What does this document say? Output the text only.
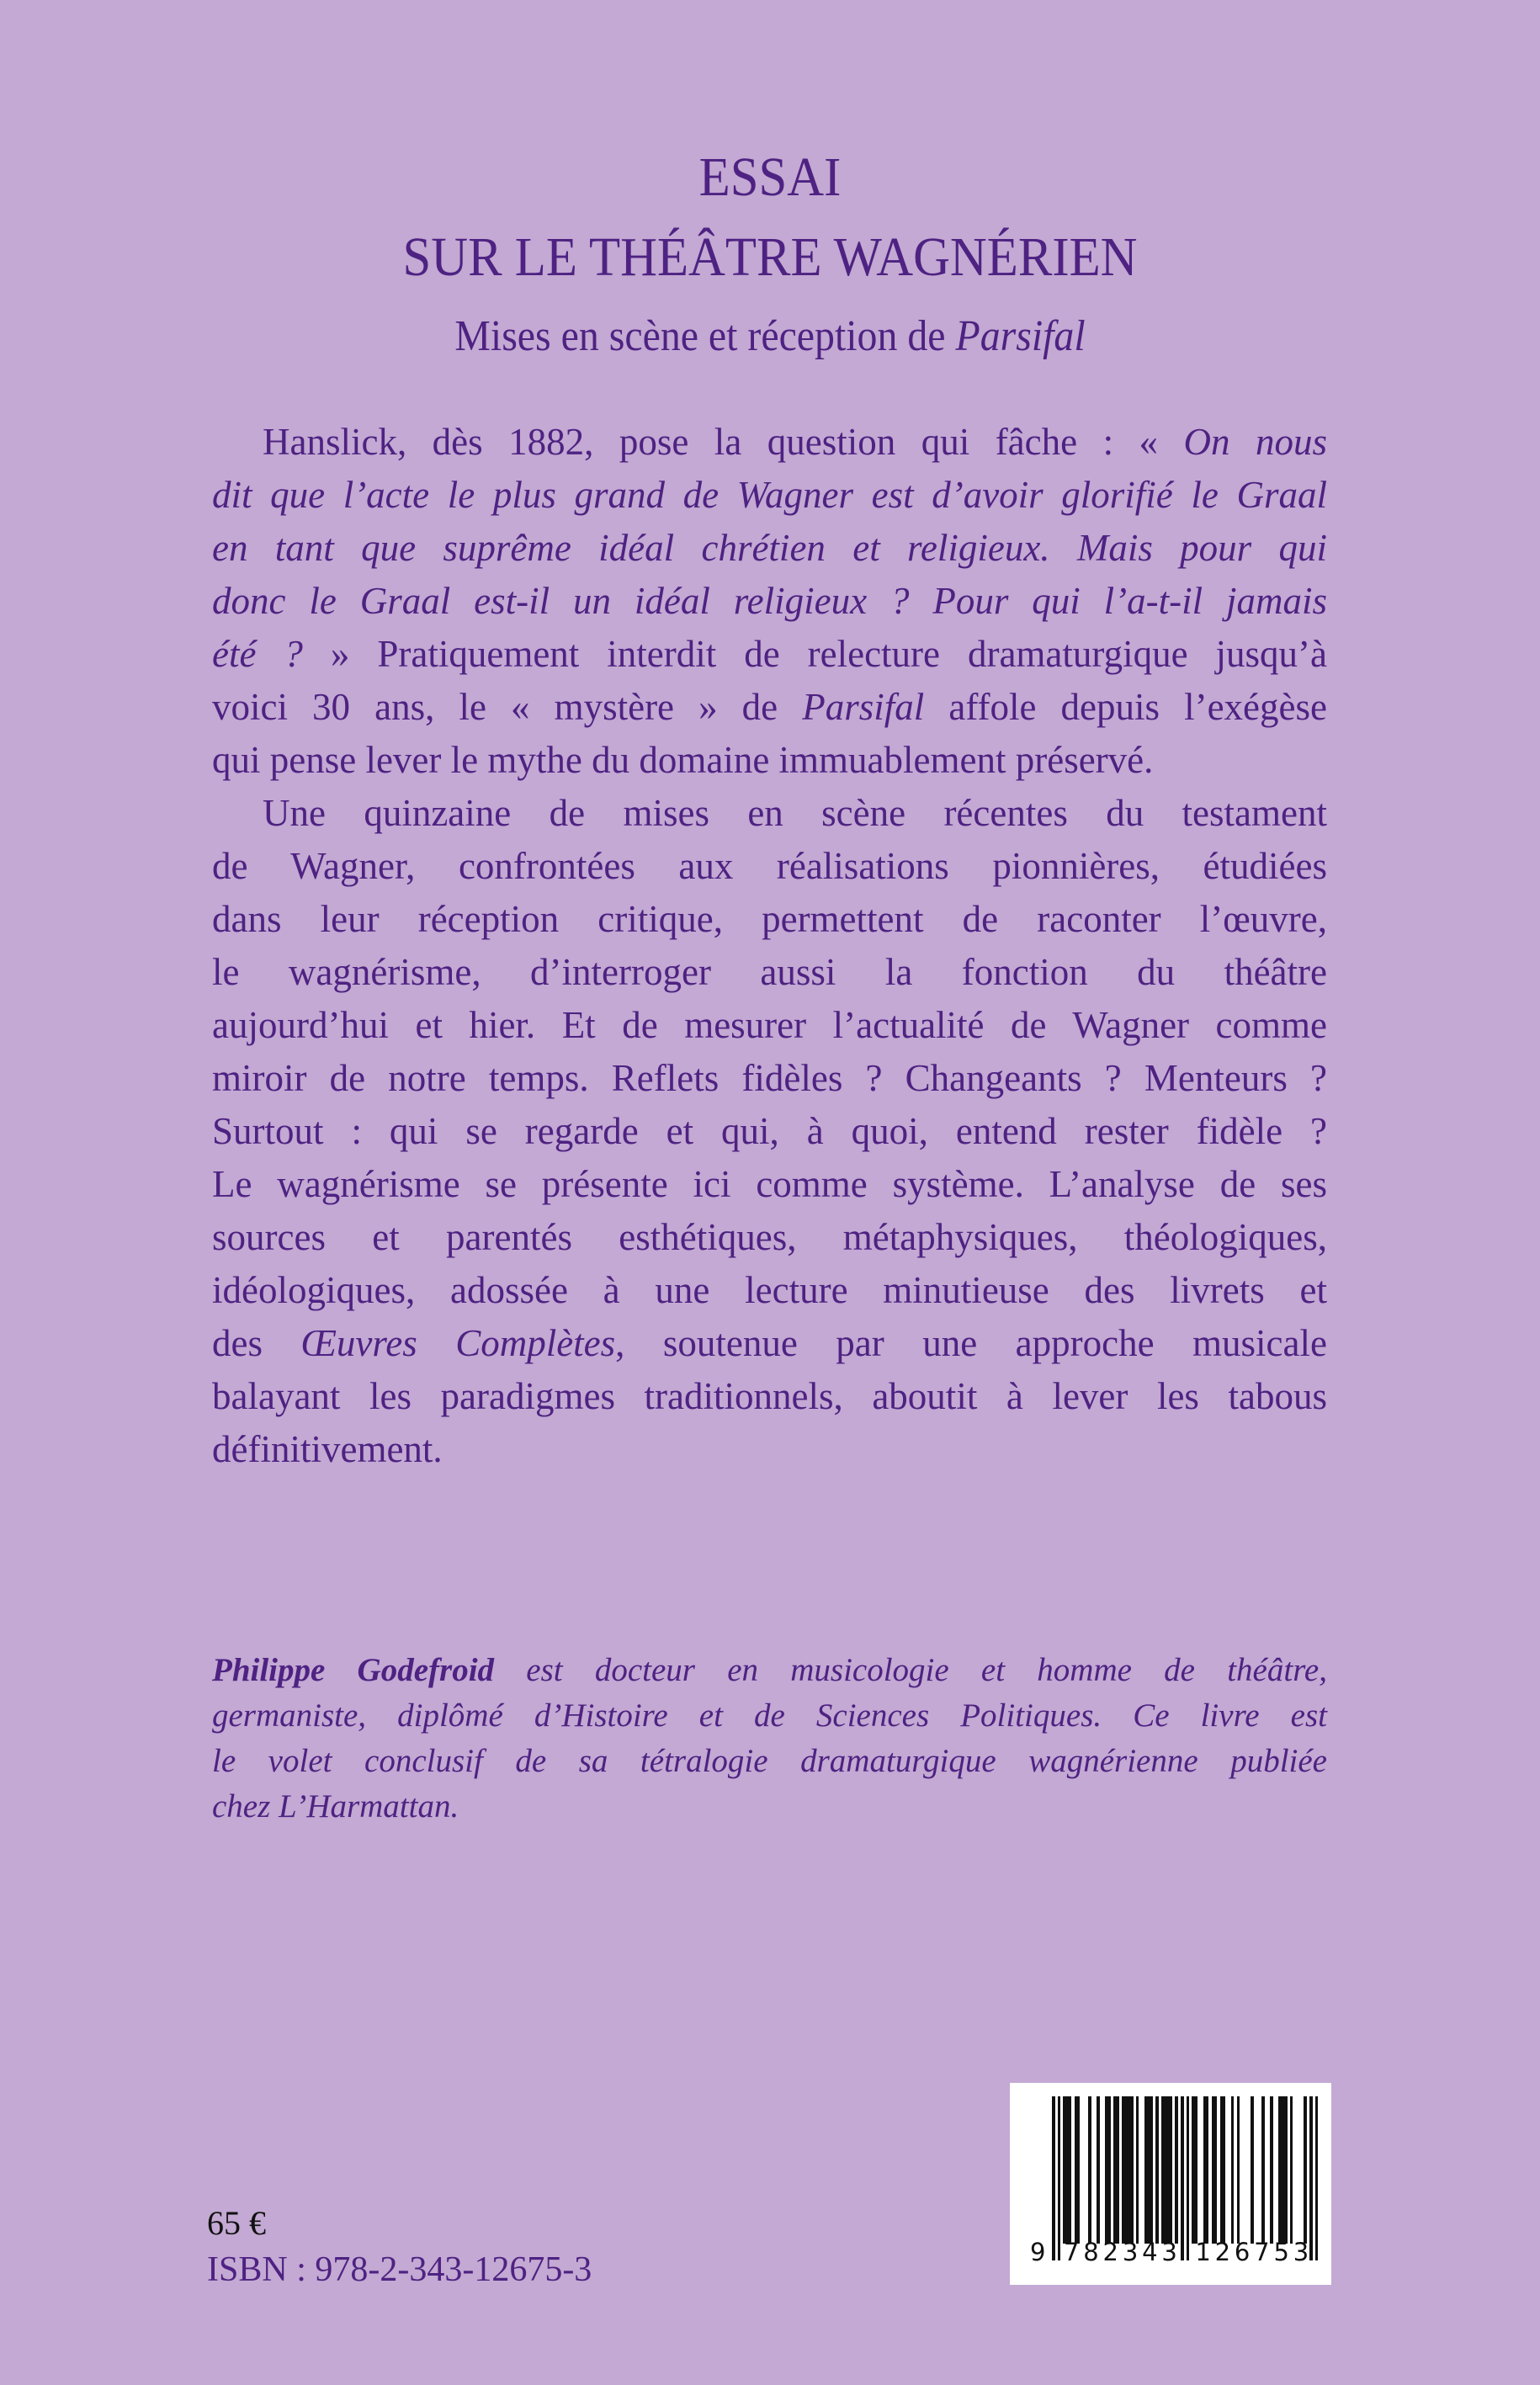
ESSAI
SUR LE THÉÂTRE WAGNÉRIEN
Mises en scène et réception de Parsifal
Hanslick, dès 1882, pose la question qui fâche : « On nous
dit que l’acte le plus grand de Wagner est d’avoir glorifié le Graal
en tant que suprême idéal chrétien et religieux. Mais pour qui
donc le Graal est-il un idéal religieux ? Pour qui l’a-t-il jamais
été ? » Pratiquement interdit de relecture dramaturgique jusqu’à
voici 30 ans, le « mystère » de Parsifal affole depuis l’exégèse
qui pense lever le mythe du domaine immuablement préservé.
Une quinzaine de mises en scène récentes du testament
de Wagner, confrontées aux réalisations pionnières, étudiées
dans leur réception critique, permettent de raconter l’œuvre,
le wagnérisme, d’interroger aussi la fonction du théâtre
aujourd’hui et hier. Et de mesurer l’actualité de Wagner comme
miroir de notre temps. Reflets fidèles ? Changeants ? Menteurs ?
Surtout : qui se regarde et qui, à quoi, entend rester fidèle ?
Le wagnérisme se présente ici comme système. L’analyse de ses
sources et parentés esthétiques, métaphysiques, théologiques,
idéologiques, adossée à une lecture minutieuse des livrets et
des Œuvres Complètes, soutenue par une approche musicale
balayant les paradigmes traditionnels, aboutit à lever les tabous
définitivement.
Philippe Godefroid est docteur en musicologie et homme de théâtre,
germaniste, diplômé d’Histoire et de Sciences Politiques. Ce livre est
le volet conclusif de sa tétralogie dramaturgique wagnérienne publiée
chez L’Harmattan.
65 €
ISBN : 978-2-343-12675-3	9 7 8 2 3 4 3 1 2 6 7 5 3
